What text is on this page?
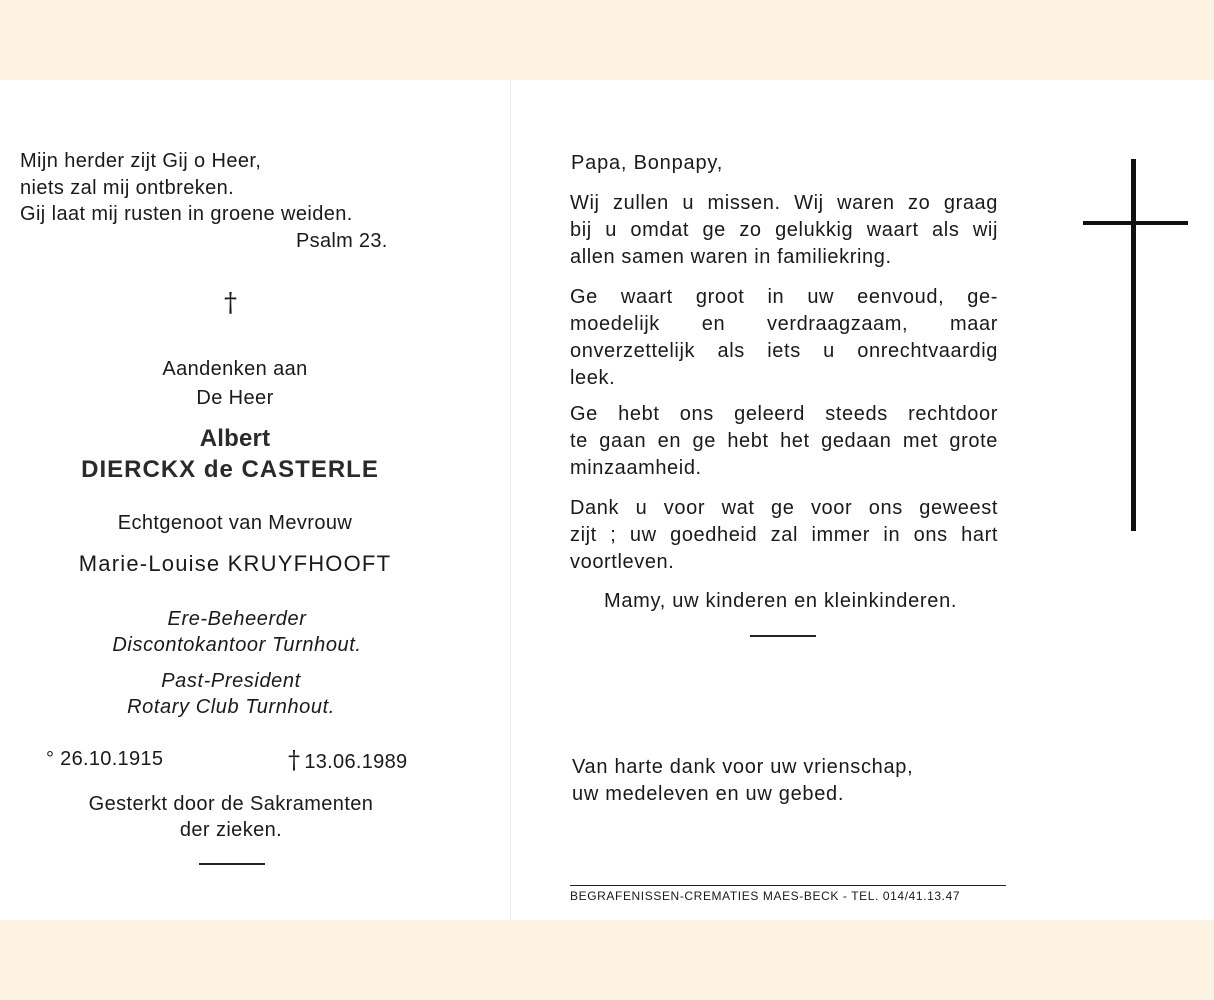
Mijn herder zijt Gij o Heer,
niets zal mij ontbreken.
Gij laat mij rusten in groene weiden.
Psalm 23.
†
Aandenken aan
De Heer
Albert
DIERCKX de CASTERLE
Echtgenoot van Mevrouw
Marie-Louise KRUYFHOOFT
Ere-Beheerder
Discontokantoor Turnhout.
Past-President
Rotary Club Turnhout.
° 26.10.1915	† 13.06.1989
Gesterkt door de Sakramenten
der zieken.
Papa, Bonpapy,
Wij zullen u missen. Wij waren zo graag
bij u omdat ge zo gelukkig waart als wij
allen samen waren in familiekring.
Ge waart groot in uw eenvoud, ge-
moedelijk en verdraagzaam, maar
onverzettelijk als iets u onrechtvaardig
leek.
Ge hebt ons geleerd steeds rechtdoor
te gaan en ge hebt het gedaan met grote
minzaamheid.
Dank u voor wat ge voor ons geweest
zijt ; uw goedheid zal immer in ons hart
voortleven.
Mamy, uw kinderen en kleinkinderen.
Van harte dank voor uw vrienschap,
uw medeleven en uw gebed.
BEGRAFENISSEN-CREMATIES MAES-BECK - TEL. 014/41.13.47
